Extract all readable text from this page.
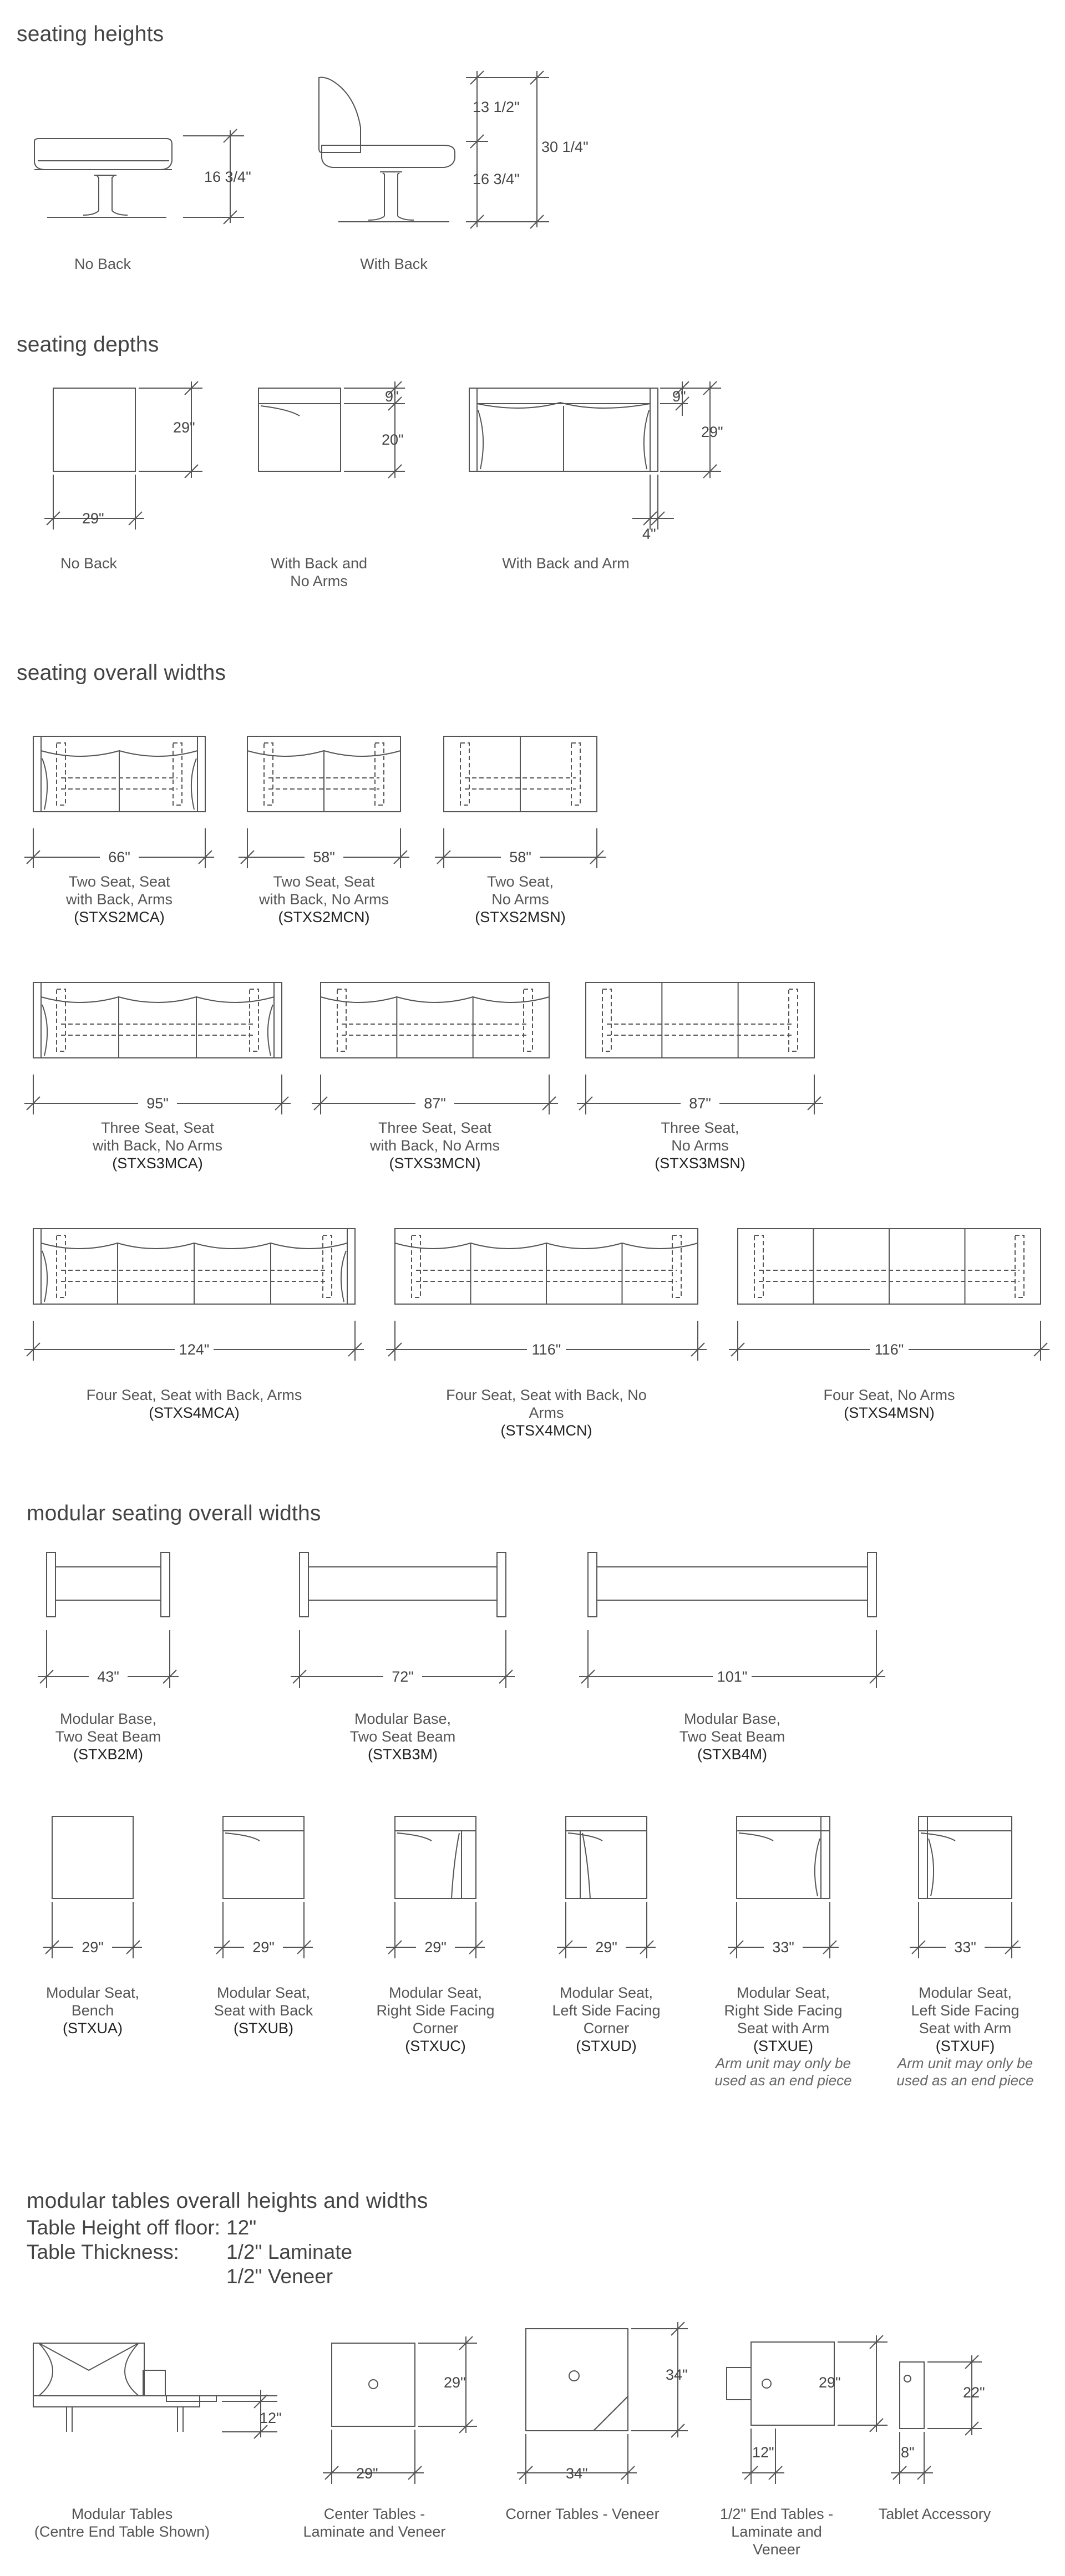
seating heights
seating depths
seating overall widths
modular seating overall widths
modular tables overall heights and widths
66"	58"	58"
95"	87"	87"
124"	116"	116"
43"	72"	101"
29"	29"	29"	29"	33"	33"
16 3/4"
13 1/2"
16 3/4"
30 1/4"
29"
29"
9"
20"
9"
29"
4"
12"
29"
29"
34"
34"
29"
12"
22"
8"
No Back	With Back
No Back	With Back and
No Arms
With Back and Arm
Two Seat, Seat
with Back, Arms
(STXS2MCA)
Two Seat, Seat
with Back, No Arms
(STXS2MCN)
Two Seat,
No Arms
(STXS2MSN)
Three Seat, Seat
with Back, No Arms
(STXS3MCA)
Three Seat, Seat
with Back, No Arms
(STXS3MCN)
Three Seat,
No Arms
(STXS3MSN)
Four Seat, Seat with Back, Arms
(STXS4MCA)
Four Seat, Seat with Back, No Arms
(STSX4MCN)
Four Seat, No Arms
(STXS4MSN)
Modular Base,
Two Seat Beam
(STXB2M)
Modular Base,
Two Seat Beam
(STXB3M)
Modular Base,
Two Seat Beam
(STXB4M)
Modular Seat,
Bench
(STXUA)
Modular Seat,
Seat with Back
(STXUB)
Modular Seat,
Right Side Facing
Corner
(STXUC)
Modular Seat,
Left Side Facing
Corner
(STXUD)
Modular Seat,
Right Side Facing
Seat with Arm
(STXUE)
Arm unit may only be
used as an end piece
Modular Seat,
Left Side Facing
Seat with Arm
(STXUF)
Arm unit may only be
used as an end piece
Table Height off floor: 12"
Table Thickness: 1/2" Laminate
1/2" Veneer
Modular Tables
(Centre End Table Shown)
Center Tables -
Laminate and Veneer
Corner Tables - Veneer	1/2" End Tables -
Laminate and
Veneer
Tablet Accessory
